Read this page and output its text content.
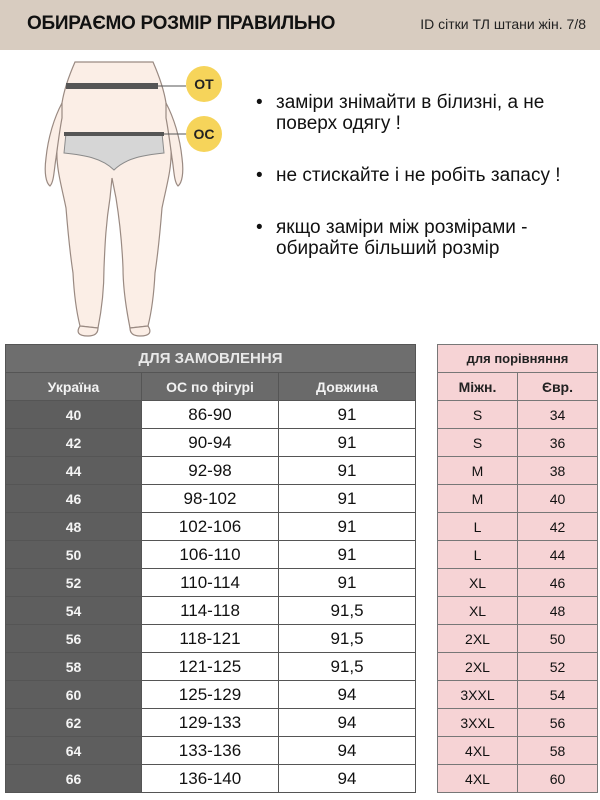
ОБИРАЄМО РОЗМІР ПРАВИЛЬНО	ID сітки ТЛ штани жін. 7/8
ОТ
ОС
• заміри знімайти в білизні, а не поверх одягу !
• не стискайте і не робіть запасу !
• якщо заміри між розмірами - обирайте більший розмір
ДЛЯ ЗАМОВЛЕННЯ		
Україна	ОС по фігурі	Довжина
40	86-90	91
42	90-94	91
44	92-98	91
46	98-102	91
48	102-106	91
50	106-110	91
52	110-114	91
54	114-118	91,5
56	118-121	91,5
58	121-125	91,5
60	125-129	94
62	129-133	94
64	133-136	94
66	136-140	94
для порівняння	
Міжн.	Євр.
S	34
S	36
M	38
M	40
L	42
L	44
XL	46
XL	48
2XL	50
2XL	52
3XXL	54
3XXL	56
4XL	58
4XL	60
